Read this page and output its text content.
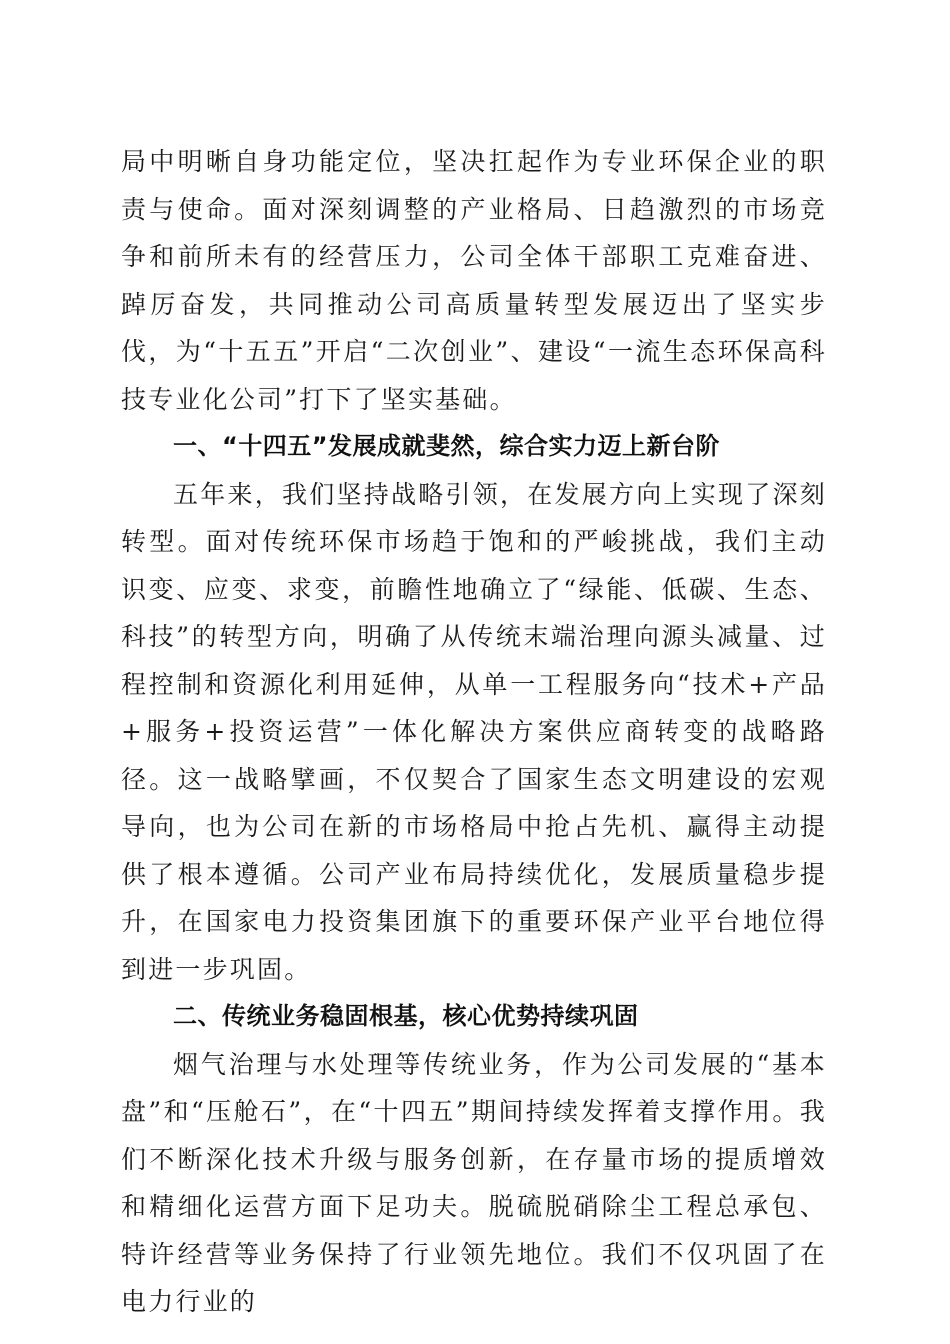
局中明晰自身功能定位，坚决扛起作为专业环保企业的职责与使命。面对深刻调整的产业格局、日趋激烈的市场竞争和前所未有的经营压力，公司全体干部职工克难奋进、踔厉奋发，共同推动公司高质量转型发展迈出了坚实步伐，为“十五五”开启“二次创业”、建设“一流生态环保高科技专业化公司”打下了坚实基础。

一、“十四五”发展成就斐然，综合实力迈上新台阶

五年来，我们坚持战略引领，在发展方向上实现了深刻转型。面对传统环保市场趋于饱和的严峻挑战，我们主动识变、应变、求变，前瞻性地确立了“绿能、低碳、生态、科技”的转型方向，明确了从传统末端治理向源头减量、过程控制和资源化利用延伸，从单一工程服务向“技术+产品+服务+投资运营”一体化解决方案供应商转变的战略路径。这一战略擘画，不仅契合了国家生态文明建设的宏观导向，也为公司在新的市场格局中抢占先机、赢得主动提供了根本遵循。公司产业布局持续优化，发展质量稳步提升，在国家电力投资集团旗下的重要环保产业平台地位得到进一步巩固。

二、传统业务稳固根基，核心优势持续巩固

烟气治理与水处理等传统业务，作为公司发展的“基本盘”和“压舱石”，在“十四五”期间持续发挥着支撑作用。我们不断深化技术升级与服务创新，在存量市场的提质增效和精细化运营方面下足功夫。脱硫脱硝除尘工程总承包、特许经营等业务保持了行业领先地位。我们不仅巩固了在电力行业的
